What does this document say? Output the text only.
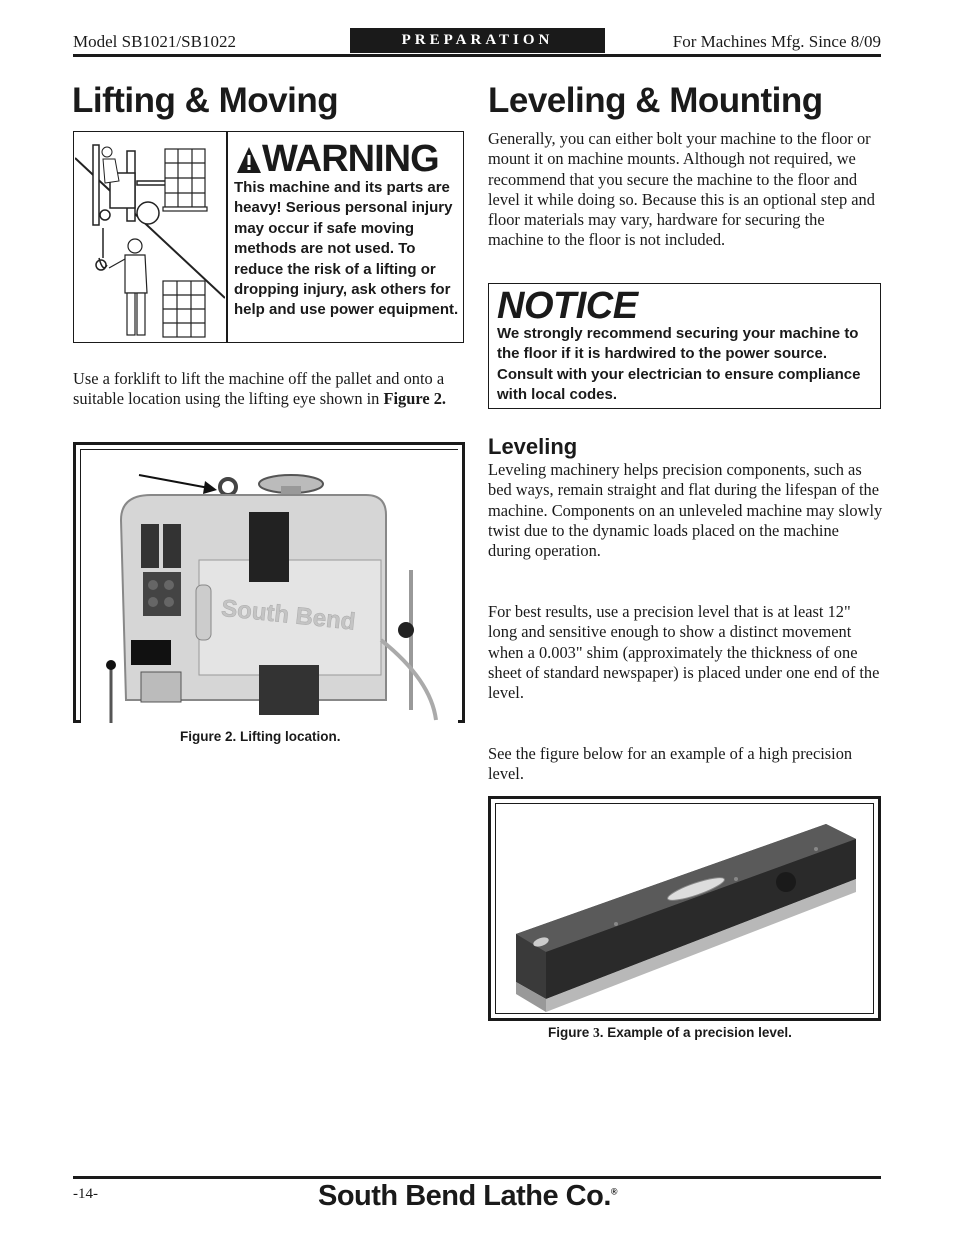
Model SB1021/SB1022	PREPARATION	For Machines Mfg. Since 8/09
Lifting & Moving
WARNING
This machine and its parts are heavy! Serious personal injury may occur if safe moving methods are not used. To reduce the risk of a lifting or dropping injury, ask others for help and use power equipment.
Use a forklift to lift the machine off the pallet and onto a suitable location using the lifting eye shown in Figure 2.
South Bend
Figure 2. Lifting location.
Leveling & Mounting
Generally, you can either bolt your machine to the floor or mount it on machine mounts. Although not required, we recommend that you secure the machine to the floor and level it while doing so. Because this is an optional step and floor materials may vary, hardware for securing the machine to the floor is not included.
NOTICE
We strongly recommend securing your machine to the floor if it is hardwired to the power source. Consult with your electrician to ensure compliance with local codes.
Leveling
Leveling machinery helps precision components, such as bed ways, remain straight and flat during the lifespan of the machine. Components on an unleveled machine may slowly twist due to the dynamic loads placed on the machine during operation.
For best results, use a precision level that is at least 12" long and sensitive enough to show a distinct movement when a 0.003" shim (approximately the thickness of one sheet of standard newspaper) is placed under one end of the level.
See the figure below for an example of a high precision level.
Figure 3. Example of a precision level.
-14-	South Bend Lathe Co.®
